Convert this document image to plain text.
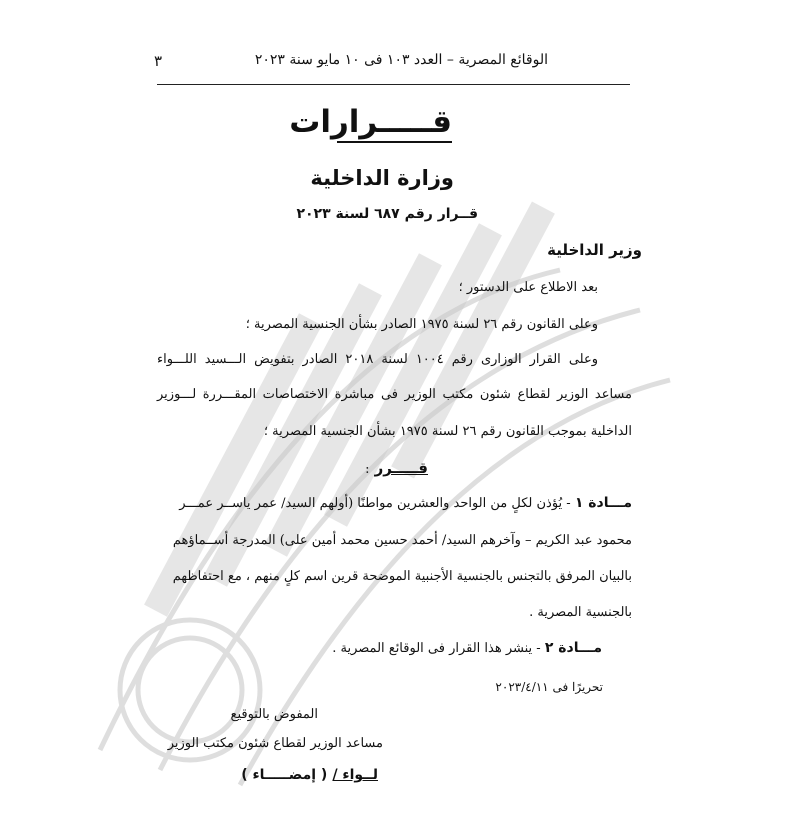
٣	الوقائع المصرية – العدد ١٠٣ فى ١٠ مايو سنة ٢٠٢٣
قـــــرارات
وزارة الداخلية
قــرار رقم ٦٨٧ لسنة ٢٠٢٣
وزير الداخلية
بعد الاطلاع على الدستور ؛
وعلى القانون رقم ٢٦ لسنة ١٩٧٥ الصادر بشأن الجنسية المصرية ؛
وعلى القرار الوزارى رقم ١٠٠٤ لسنة ٢٠١٨ الصادر بتفويض الـــسيد اللـــواء
مساعد الوزير لقطاع شئون مكتب الوزير فى مباشرة الاختصاصات المقـــررة لـــوزير
الداخلية بموجب القانون رقم ٢٦ لسنة ١٩٧٥ بشأن الجنسية المصرية ؛
قـــــرر :
مـــادة ١ - يُؤذن لكلٍ من الواحد والعشرين مواطنًا (أولهم السيد/ عمر ياســر عمـــر
محمود عبد الكريم – وآخرهم السيد/ أحمد حسين محمد أمين على) المدرجة أســماؤهم
بالبيان المرفق بالتجنس بالجنسية الأجنبية الموضحة قرين اسم كلٍ منهم ، مع احتفاظهم
بالجنسية المصرية .
مـــادة ٢ - ينشر هذا القرار فى الوقائع المصرية .
تحريرًا فى ٢٠٢٣/٤/١١
المفوض بالتوقيع
مساعد الوزير لقطاع شئون مكتب الوزير
لــواء / ( إمضـــــاء )
